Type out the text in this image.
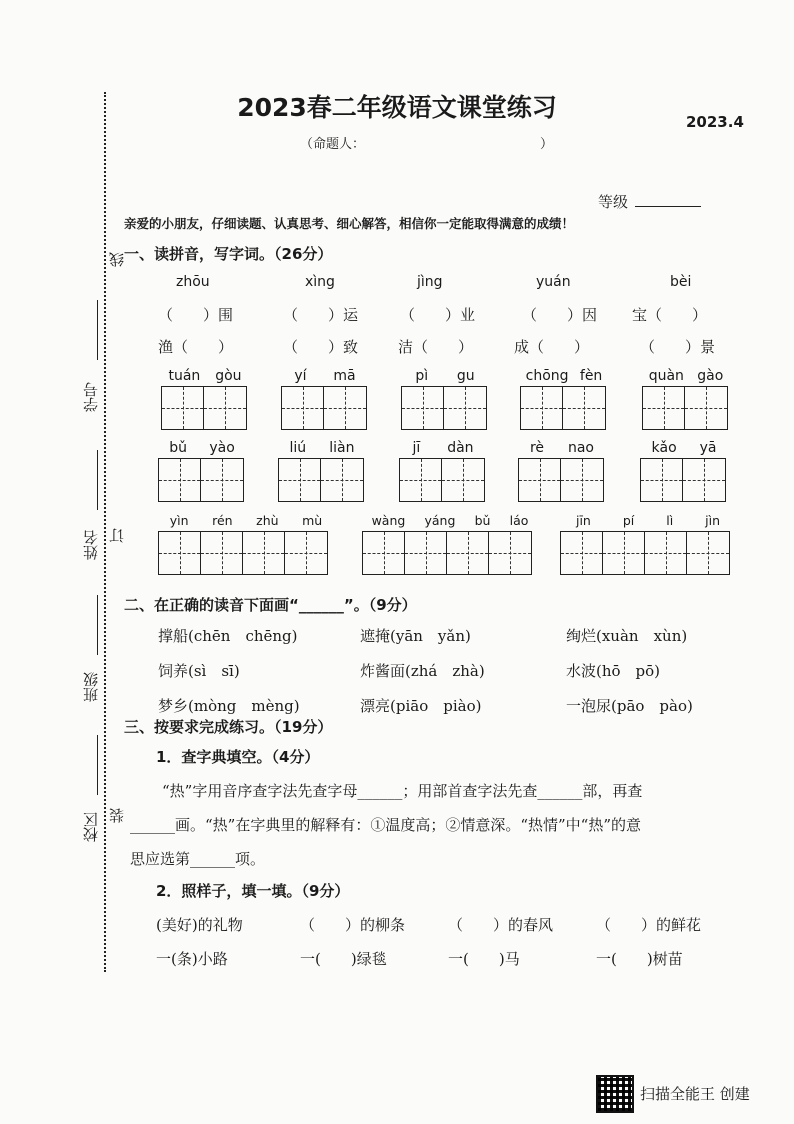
学号
姓名
班级
校区
线
订
装
2023春二年级语文课堂练习	2023.4
（命题人：	）
等级
亲爱的小朋友，仔细读题、认真思考、细心解答，相信你一定能取得满意的成绩！
一、读拼音，写字词。（26分）
zhōu	xìng	jìng	yuán	bèi
（　　）围	（　　）运	（　　）业	（　　）因 宝（　　）
渔（　　）	（　　）致	洁（　　）	成（　　）	（　　）景
tuán gòu	yí mā	pì gu	chōng fèn	quàn gào
bǔ yào	liú liàn	jī dàn	rè nao	kǎo yā
yìn rén zhù mù	wàng yáng bǔ láo	jīn	pí	lì	jìn
二、在正确的读音下面画“______”。（9分）
撑船(chēn　chēng)	遮掩(yān　yǎn)	绚烂(xuàn　xùn)
饲养(sì　sī)	炸酱面(zhá　zhà)	水波(hō　pō)
梦乡(mòng　mèng)	漂亮(piāo　piào)	一泡尿(pāo　pào)
三、按要求完成练习。（19分）
1．查字典填空。（4分）
“热”字用音序查字法先查字母______；用部首查字法先查______部，再查
______画。“热”在字典里的解释有：①温度高；②情意深。“热情”中“热”的意
思应选第______项。
2．照样子，填一填。（9分）
(美好)的礼物	（　　）的柳条	（　　）的春风	（　　）的鲜花
一(条)小路	一(　　)绿毯	一(　　)马	一(　　)树苗
扫描全能王 创建
